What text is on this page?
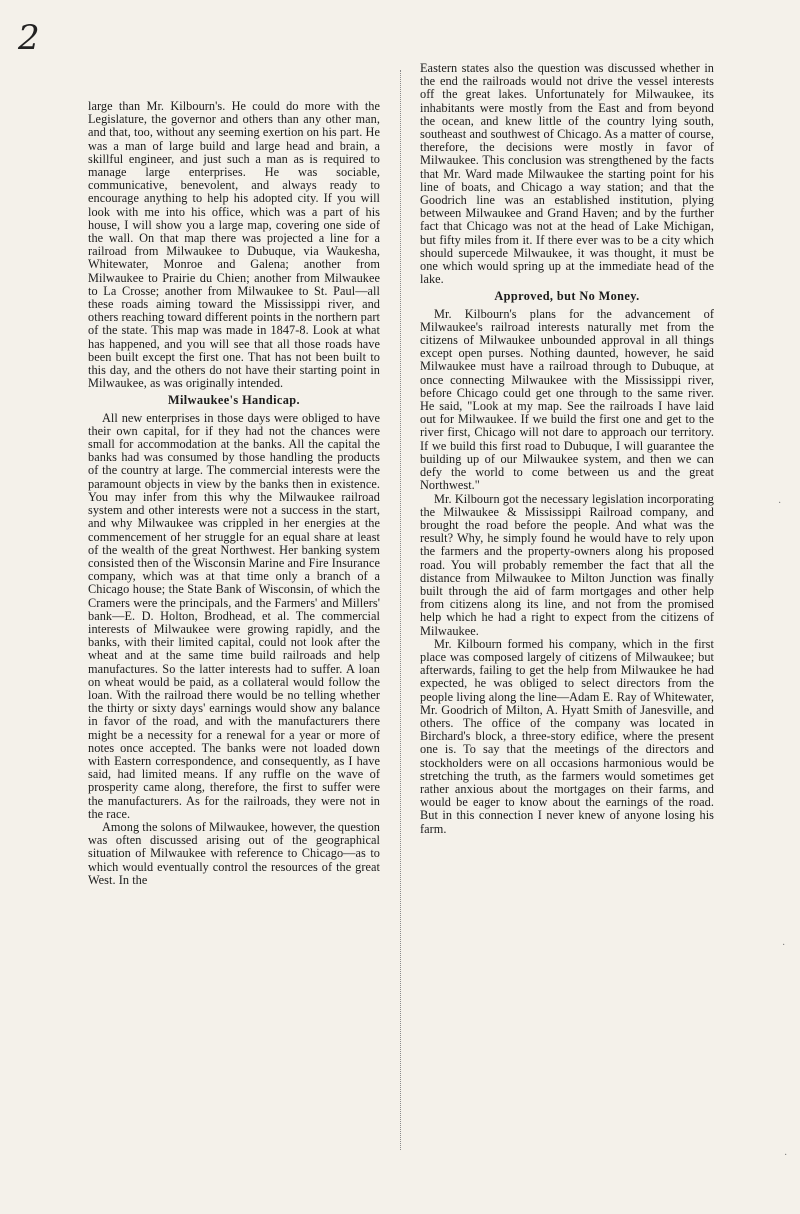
2

large than Mr. Kilbourn's. He could do more with the Legislature, the governor and others than any other man, and that, too, without any seeming exertion on his part. He was a man of large build and large head and brain, a skillful engineer, and just such a man as is required to manage large enterprises. He was sociable, communicative, benevolent, and always ready to encourage anything to help his adopted city. If you will look with me into his office, which was a part of his house, I will show you a large map, covering one side of the wall. On that map there was projected a line for a railroad from Milwaukee to Dubuque, via Waukesha, Whitewater, Monroe and Galena; another from Milwaukee to Prairie du Chien; another from Milwaukee to La Crosse; another from Milwaukee to St. Paul—all these roads aiming toward the Mississippi river, and others reaching toward different points in the northern part of the state. This map was made in 1847-8. Look at what has happened, and you will see that all those roads have been built except the first one. That has not been built to this day, and the others do not have their starting point in Milwaukee, as was originally intended.

Milwaukee's Handicap.

All new enterprises in those days were obliged to have their own capital, for if they had not the chances were small for accommodation at the banks. All the capital the banks had was consumed by those handling the products of the country at large. The commercial interests were the paramount objects in view by the banks then in existence. You may infer from this why the Milwaukee railroad system and other interests were not a success in the start, and why Milwaukee was crippled in her energies at the commencement of her struggle for an equal share at least of the wealth of the great Northwest. Her banking system consisted then of the Wisconsin Marine and Fire Insurance company, which was at that time only a branch of a Chicago house; the State Bank of Wisconsin, of which the Cramers were the principals, and the Farmers' and Millers' bank—E. D. Holton, Brodhead, et al. The commercial interests of Milwaukee were growing rapidly, and the banks, with their limited capital, could not look after the wheat and at the same time build railroads and help manufactures. So the latter interests had to suffer. A loan on wheat would be paid, as a collateral would follow the loan. With the railroad there would be no telling whether the thirty or sixty days' earnings would show any balance in favor of the road, and with the manufacturers there might be a necessity for a renewal for a year or more of notes once accepted. The banks were not loaded down with Eastern correspondence, and consequently, as I have said, had limited means. If any ruffle on the wave of prosperity came along, therefore, the first to suffer were the manufacturers. As for the railroads, they were not in the race.

Among the solons of Milwaukee, however, the question was often discussed arising out of the geographical situation of Milwaukee with reference to Chicago—as to which would eventually control the resources of the great West. In the

Eastern states also the question was discussed whether in the end the railroads would not drive the vessel interests off the great lakes. Unfortunately for Milwaukee, its inhabitants were mostly from the East and from beyond the ocean, and knew little of the country lying south, southeast and southwest of Chicago. As a matter of course, therefore, the decisions were mostly in favor of Milwaukee. This conclusion was strengthened by the facts that Mr. Ward made Milwaukee the starting point for his line of boats, and Chicago a way station; and that the Goodrich line was an established institution, plying between Milwaukee and Grand Haven; and by the further fact that Chicago was not at the head of Lake Michigan, but fifty miles from it. If there ever was to be a city which should supercede Milwaukee, it was thought, it must be one which would spring up at the immediate head of the lake.

Approved, but No Money.

Mr. Kilbourn's plans for the advancement of Milwaukee's railroad interests naturally met from the citizens of Milwaukee unbounded approval in all things except open purses. Nothing daunted, however, he said Milwaukee must have a railroad through to Dubuque, at once connecting Milwaukee with the Mississippi river, before Chicago could get one through to the same river. He said, "Look at my map. See the railroads I have laid out for Milwaukee. If we build the first one and get to the river first, Chicago will not dare to approach our territory. If we build this first road to Dubuque, I will guarantee the building up of our Milwaukee system, and then we can defy the world to come between us and the great Northwest."

Mr. Kilbourn got the necessary legislation incorporating the Milwaukee & Mississippi Railroad company, and brought the road before the people. And what was the result? Why, he simply found he would have to rely upon the farmers and the property-owners along his proposed road. You will probably remember the fact that all the distance from Milwaukee to Milton Junction was finally built through the aid of farm mortgages and other help from citizens along its line, and not from the promised help which he had a right to expect from the citizens of Milwaukee.

Mr. Kilbourn formed his company, which in the first place was composed largely of citizens of Milwaukee; but afterwards, failing to get the help from Milwaukee he had expected, he was obliged to select directors from the people living along the line—Adam E. Ray of Whitewater, Mr. Goodrich of Milton, A. Hyatt Smith of Janesville, and others. The office of the company was located in Birchard's block, a three-story edifice, where the present one is. To say that the meetings of the directors and stockholders were on all occasions harmonious would be stretching the truth, as the farmers would sometimes get rather anxious about the mortgages on their farms, and would be eager to know about the earnings of the road. But in this connection I never knew of anyone losing his farm.

·
·
·
